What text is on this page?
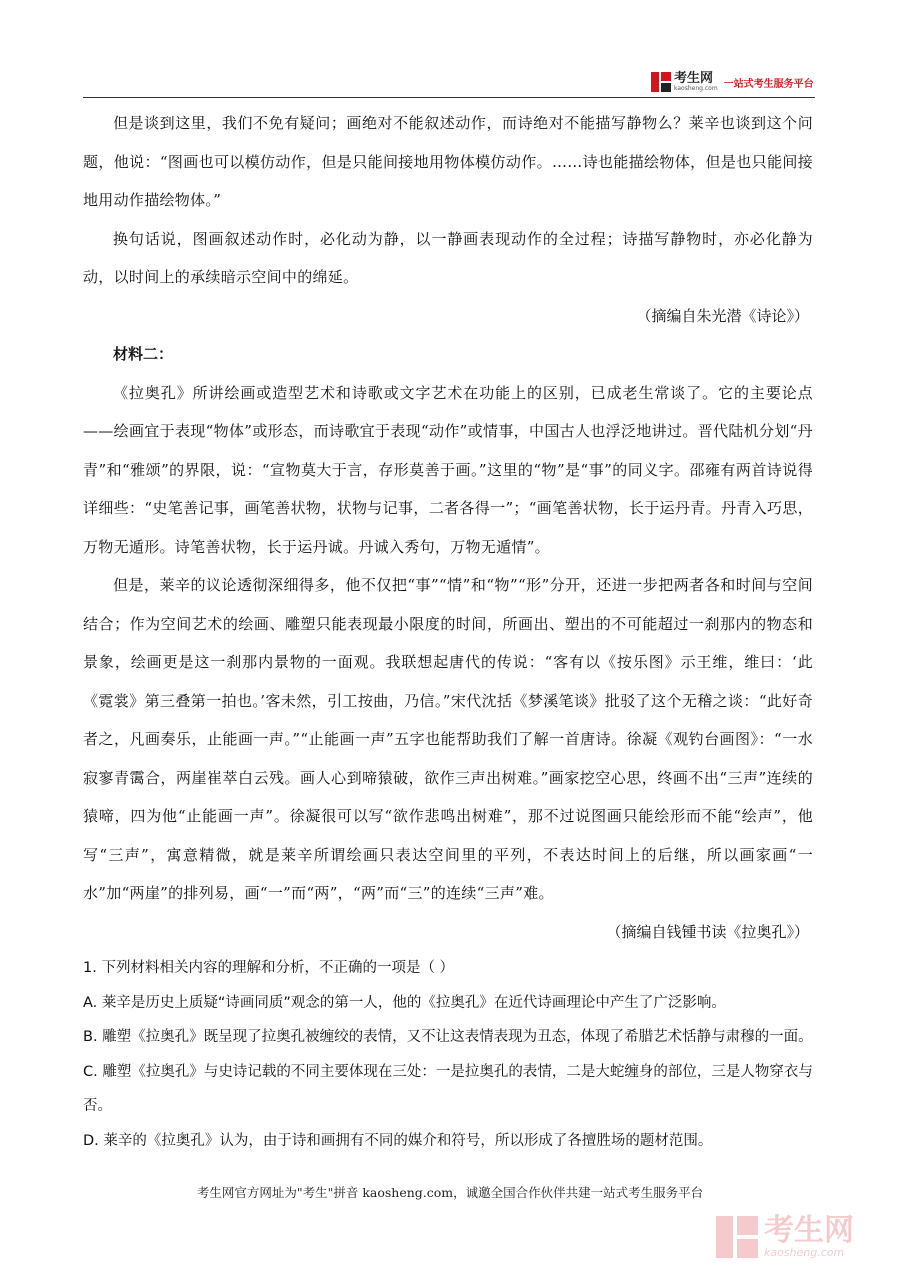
考生网
kaosheng.com 一站式考生服务平台

但是谈到这里，我们不免有疑问；画绝对不能叙述动作，而诗绝对不能描写静物么？莱辛也谈到这个问题，他说：“图画也可以模仿动作，但是只能间接地用物体模仿动作。……诗也能描绘物体，但是也只能间接地用动作描绘物体。”

换句话说，图画叙述动作时，必化动为静，以一静画表现动作的全过程；诗描写静物时，亦必化静为动，以时间上的承续暗示空间中的绵延。

（摘编自朱光潜《诗论》）

材料二：

《拉奥孔》所讲绘画或造型艺术和诗歌或文字艺术在功能上的区别，已成老生常谈了。它的主要论点——绘画宜于表现“物体”或形态，而诗歌宜于表现“动作”或情事，中国古人也浮泛地讲过。晋代陆机分划“丹青”和“雅颂”的界限，说：“宣物莫大于言，存形莫善于画。”这里的“物”是“事”的同义字。邵雍有两首诗说得详细些：“史笔善记事，画笔善状物，状物与记事，二者各得一”；“画笔善状物，长于运丹青。丹青入巧思，万物无遁形。诗笔善状物，长于运丹诚。丹诚入秀句，万物无遁情”。

但是，莱辛的议论透彻深细得多，他不仅把“事”“情”和“物”“形”分开，还进一步把两者各和时间与空间结合；作为空间艺术的绘画、雕塑只能表现最小限度的时间，所画出、塑出的不可能超过一刹那内的物态和景象，绘画更是这一刹那内景物的一面观。我联想起唐代的传说：“客有以《按乐图》示王维，维曰：‘此《霓裳》第三叠第一拍也。’客未然，引工按曲，乃信。”宋代沈括《梦溪笔谈》批驳了这个无稽之谈：“此好奇者之，凡画奏乐，止能画一声。”“止能画一声”五字也能帮助我们了解一首唐诗。徐凝《观钓台画图》：“一水寂寥青霭合，两崖崔萃白云残。画人心到啼猿破，欲作三声出树难。”画家挖空心思，终画不出“三声”连续的猿啼，四为他“止能画一声”。徐凝很可以写“欲作悲鸣出树难”，那不过说图画只能绘形而不能“绘声”，他写“三声”，寓意精微，就是莱辛所谓绘画只表达空间里的平列，不表达时间上的后继，所以画家画“一水”加“两崖”的排列易，画“一”而“两”，“两”而“三”的连续“三声”难。

（摘编自钱锺书读《拉奥孔》）

1. 下列材料相关内容的理解和分析，不正确的一项是（ ）

A. 莱辛是历史上质疑“诗画同质”观念的第一人，他的《拉奥孔》在近代诗画理论中产生了广泛影响。

B. 雕塑《拉奥孔》既呈现了拉奥孔被缠绞的表情，又不让这表情表现为丑态，体现了希腊艺术恬静与肃穆的一面。

C. 雕塑《拉奥孔》与史诗记载的不同主要体现在三处：一是拉奥孔的表情，二是大蛇缠身的部位，三是人物穿衣与否。

D. 莱辛的《拉奥孔》认为，由于诗和画拥有不同的媒介和符号，所以形成了各擅胜场的题材范围。

考生网官方网址为"考生"拼音 kaosheng.com，诚邀全国合作伙伴共建一站式考生服务平台
考生网
kaosheng.com
